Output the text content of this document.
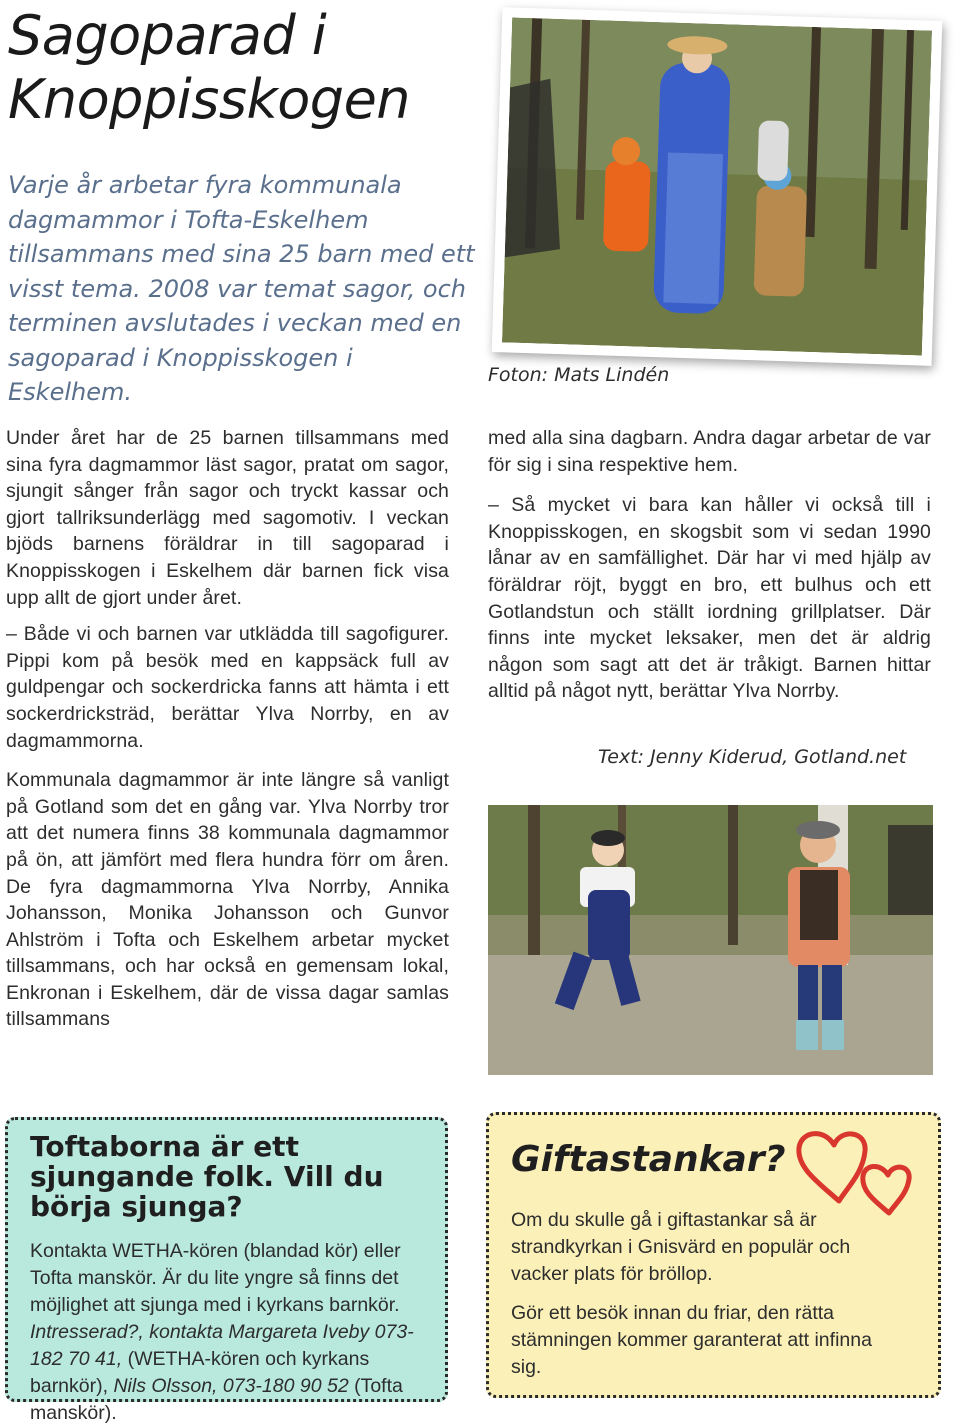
Sagoparad i Knoppisskogen

Varje år arbetar fyra kommunala dagmammor i Tofta-Eskelhem tillsammans med sina 25 barn med ett visst tema. 2008 var temat sagor, och terminen avslutades i veckan med en sagoparad i Knoppisskogen i Eskelhem.

Under året har de 25 barnen tillsammans med sina fyra dagmammor läst sagor, pratat om sagor, sjungit sånger från sagor och tryckt kassar och gjort tallriksunderlägg med sagomotiv. I veckan bjöds barnens föräldrar in till sagoparad i Knoppisskogen i Eskelhem där barnen fick visa upp allt de gjort under året.

– Både vi och barnen var utklädda till sagofigurer. Pippi kom på besök med en kappsäck full av guldpengar och sockerdricka fanns att hämta i ett sockerdricksträd, berättar Ylva Norrby, en av dagmammorna.

Kommunala dagmammor är inte längre så vanligt på Gotland som det en gång var. Ylva Norrby tror att det numera finns 38 kommunala dagmammor på ön, att jämfört med flera hundra förr om åren. De fyra dagmammorna Ylva Norrby, Annika Johansson, Monika Johansson och Gunvor Ahlström i Tofta och Eskelhem arbetar mycket tillsammans, och har också en gemensam lokal, Enkronan i Eskelhem, där de vissa dagar samlas tillsammans

Foton: Mats Lindén

med alla sina dagbarn. Andra dagar arbetar de var för sig i sina respektive hem.

– Så mycket vi bara kan håller vi också till i Knoppisskogen, en skogsbit som vi sedan 1990 lånar av en samfällighet. Där har vi med hjälp av föräldrar röjt, byggt en bro, ett bulhus och ett Gotlandstun och ställt iordning grillplatser. Där finns inte mycket leksaker, men det är aldrig någon som sagt att det är tråkigt. Barnen hittar alltid på något nytt, berättar Ylva Norrby.

Text: Jenny Kiderud, Gotland.net

Toftaborna är ett sjungande folk. Vill du börja sjunga?

Kontakta WETHA-kören (blandad kör) eller Tofta manskör. Är du lite yngre så finns det möjlighet att sjunga med i kyrkans barnkör. Intresserad?, kontakta Margareta Iveby 073-182 70 41, (WETHA-kören och kyrkans barnkör), Nils Olsson, 073-180 90 52 (Tofta manskör).

Giftastankar?

Om du skulle gå i giftastankar så är strandkyrkan i Gnisvärd en populär och vacker plats för bröllop.

Gör ett besök innan du friar, den rätta stämningen kommer garanterat att infinna sig.
